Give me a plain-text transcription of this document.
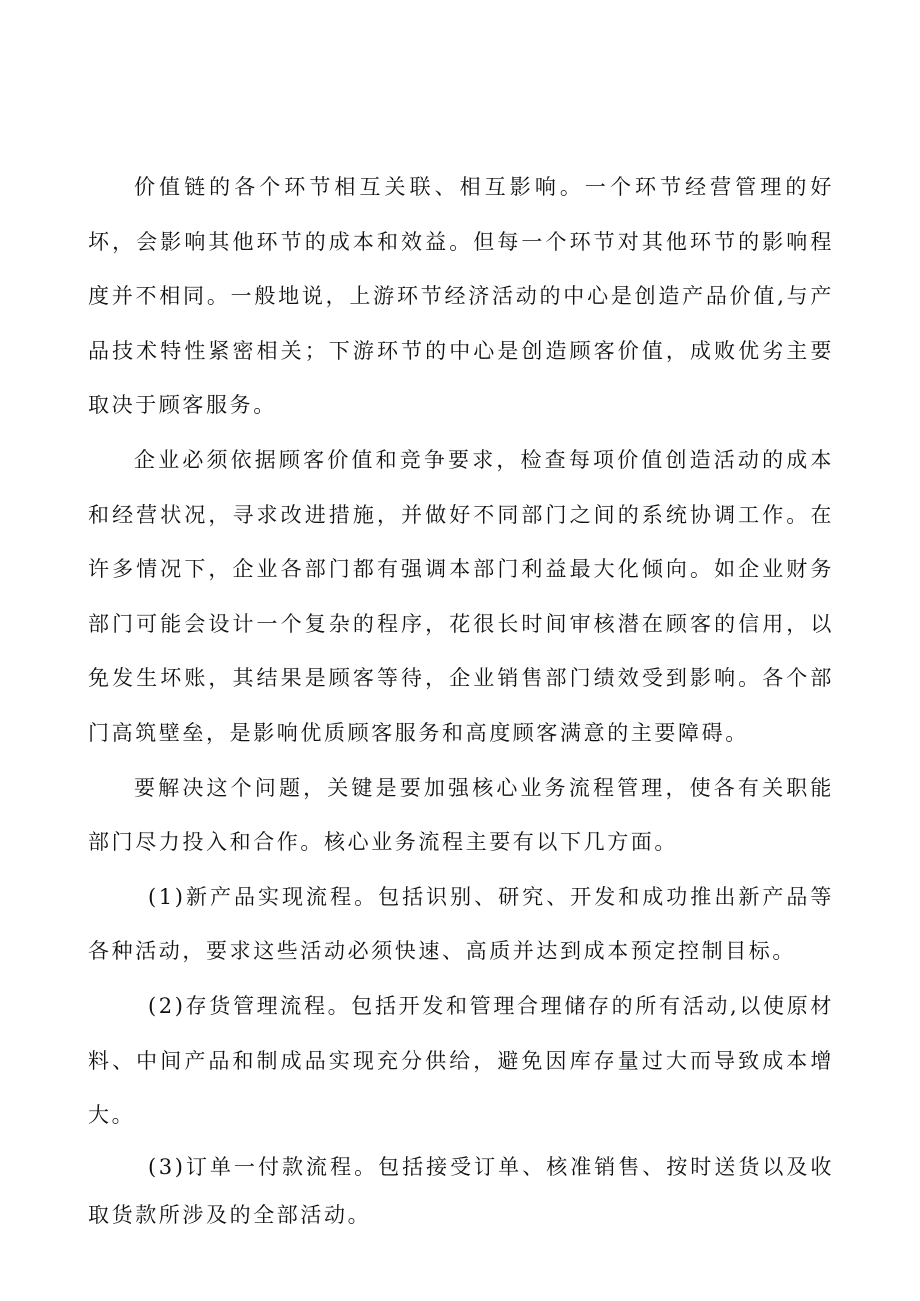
价值链的各个环节相互关联、相互影响。一个环节经营管理的好坏，会影响其他环节的成本和效益。但每一个环节对其他环节的影响程度并不相同。一般地说，上游环节经济活动的中心是创造产品价值,与产品技术特性紧密相关；下游环节的中心是创造顾客价值，成败优劣主要取决于顾客服务。

企业必须依据顾客价值和竞争要求，检查每项价值创造活动的成本和经营状况，寻求改进措施，并做好不同部门之间的系统协调工作。在许多情况下，企业各部门都有强调本部门利益最大化倾向。如企业财务部门可能会设计一个复杂的程序，花很长时间审核潜在顾客的信用，以免发生坏账，其结果是顾客等待，企业销售部门绩效受到影响。各个部门高筑壁垒，是影响优质顾客服务和高度顾客满意的主要障碍。

要解决这个问题，关键是要加强核心业务流程管理，使各有关职能部门尽力投入和合作。核心业务流程主要有以下几方面。

(1)新产品实现流程。包括识别、研究、开发和成功推出新产品等各种活动，要求这些活动必须快速、高质并达到成本预定控制目标。

(2)存货管理流程。包括开发和管理合理储存的所有活动,以使原材料、中间产品和制成品实现充分供给，避免因库存量过大而导致成本增大。

(3)订单一付款流程。包括接受订单、核准销售、按时送货以及收取货款所涉及的全部活动。
